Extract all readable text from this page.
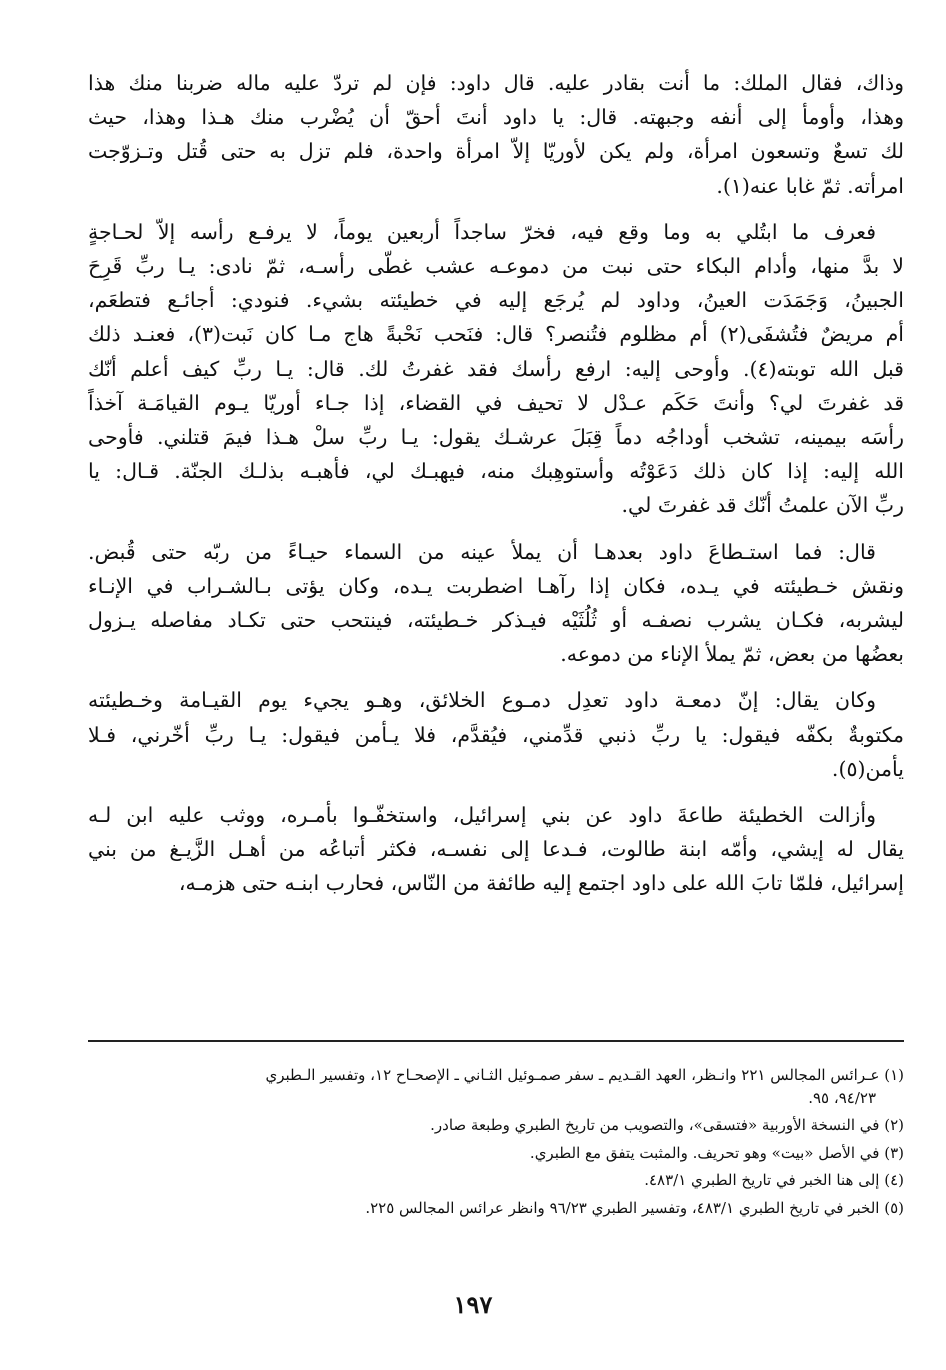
وذاك، فقال الملك: ما أنت بقادر عليه. قال داود: فإن لم تردّ عليه ماله ضربنا منك هذا
وهذا، وأومأ إلى أنفه وجبهته. قال: يا داود أنتَ أحقّ أن يُضْرب منك هـذا وهذا، حيث
لك تسعٌ وتسعون امرأة، ولم يكن لأوريّا إلاّ امرأة واحدة، فلم تزل به حتى قُتل وتـزوّجت
امرأته. ثمّ غابا عنه(١).
فعرف ما ابتُلي به وما وقع فيه، فخرّ ساجداً أربعين يوماً، لا يرفـع رأسه إلاّ لحـاجةٍ
لا بدَّ منها، وأدام البكاء حتى نبت من دموعـه عشب غطّى رأسـه، ثمّ نادى: يـا ربِّ قَرِحَ
الجبينُ، وَجَمَدَت العينُ، وداود لم يُرجَع إليه في خطيئته بشيء. فنودي: أجائـع فتطعَم،
أم مريضٌ فتُشفَى(٢) أم مظلوم فتُنصر؟ قال: فنَحب نَحْبةً هاج مـا كان نَبت(٣)، فعنـد ذلك
قبل الله توبته(٤). وأوحى إليه: ارفع رأسك فقد غفرتُ لك. قال: يـا ربِّ كيف أعلم أنّك
قد غفرتَ لي؟ وأنتَ حَكَم عـدْل لا تحيف في القضاء، إذا جـاء أوريّا يـوم القيامَـة آخذاً
رأسَه بيمينه، تشخب أوداجُه دماً قِبَلَ عرشـك يقول: يـا ربِّ سلْ هـذا فيمَ قتلني. فأوحى
الله إليه: إذا كان ذلك دَعَوْتُه وأستوهِبك منه، فيهبـك لي، فأهبـه بذلـك الجنّة. قـال: يا
ربِّ الآن علمتُ أنّك قد غفرتَ لي.
قال: فما استـطاعَ داود بعدهـا أن يملأ عينه من السماء حيـاءً من ربّه حتى قُبض.
ونقش خـطيئته في يـده، فكان إذا رآهـا اضطربت يـده، وكان يؤتى بـالشـراب في الإنـاء
ليشربه، فكـان يشرب نصفـه أو ثُلُثَيْه فيـذكر خـطيئته، فينتحب حتى تكـاد مفاصله يـزول
بعضُها من بعض، ثمّ يملأ الإناء من دموعه.
وكان يقال: إنّ دمعـة داود تعدِل دمـوع الخلائق، وهـو يجيء يوم القيـامة وخـطيئته
مكتوبةٌ بكفّه فيقول: يا ربِّ ذنبي قدِّمني، فيُقدَّم، فلا يـأمن فيقول: يـا ربِّ أخّرني، فـلا
يأمن(٥).
وأزالت الخطيئة طاعةَ داود عن بني إسرائيل، واستخفّـوا بأمـره، ووثب عليه ابن لـه
يقال له إيشي، وأمّه ابنة طالوت، فـدعا إلى نفسـه، فكثر أتباعُه من أهـل الزَّيـغ من بني
إسرائيل، فلمّا تابَ الله على داود اجتمع إليه طائفة من النّاس، فحارب ابنـه حتى هزمـه،
(١) عـرائس المجالس ٢٢١ وانـظر، العهد القـديم ـ سفر صمـوئيل الثـاني ـ الإصحـاح ١٢، وتفسير الـطبري
٩٤/٢٣، ٩٥.
(٢) في النسخة الأوربية «فتسقى»، والتصويب من تاريخ الطبري وطبعة صادر.
(٣) في الأصل «بيت» وهو تحريف. والمثبت يتفق مع الطبري.
(٤) إلى هنا الخبر في تاريخ الطبري ٤٨٣/١.
(٥) الخبر في تاريخ الطبري ٤٨٣/١، وتفسير الطبري ٩٦/٢٣ وانظر عرائس المجالس ٢٢٥.
١٩٧
